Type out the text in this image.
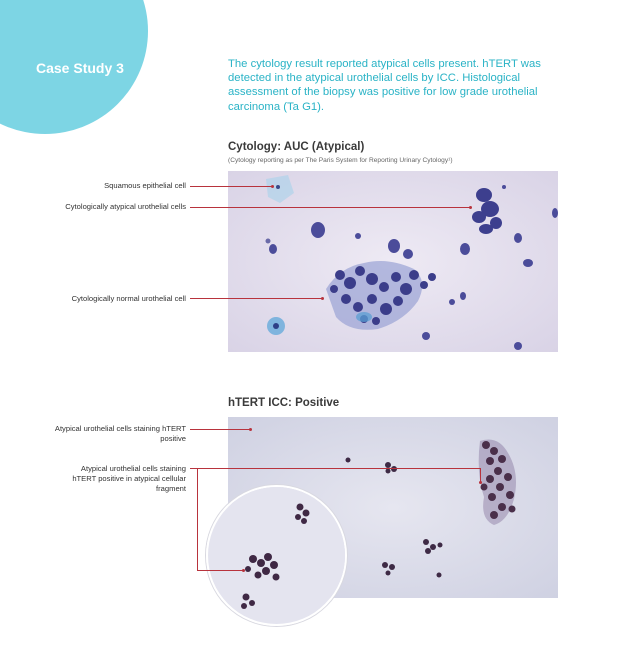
Case Study 3	The cytology result reported atypical cells present. hTERT was detected in the atypical urothelial cells by ICC. Histological assessment of the biopsy was positive for low grade urothelial carcinoma (Ta G1).
Cytology: AUC (Atypical)
(Cytology reporting as per The Paris System for Reporting Urinary Cytology¹)
Squamous epithelial cell
Cytologically atypical urothelial cells
Cytologically normal urothelial cell
hTERT ICC: Positive
Atypical urothelial cells staining hTERT positive
Atypical urothelial cells staining hTERT positive in atypical cellular fragment
